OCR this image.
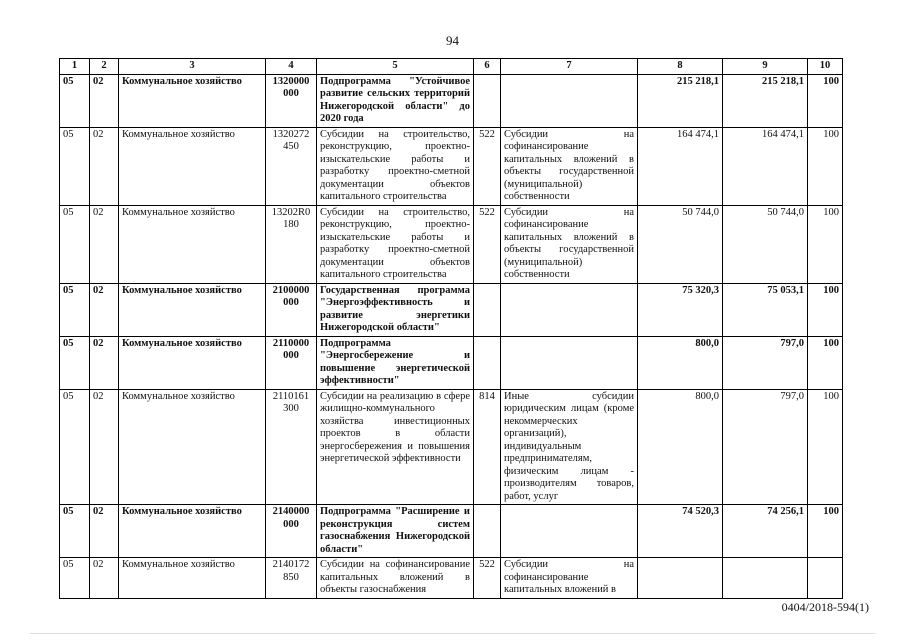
94
1	2	3	4	5	6	7	8	9	10
05	02	Коммунальное хозяйство	1320000 000	Подпрограмма "Устойчивое развитие сельских территорий Нижегородской области" до 2020 года			215 218,1	215 218,1	100
05	02	Коммунальное хозяйство	1320272 450	Субсидии на строительство, реконструкцию, проектно-изыскательские работы и разработку проектно-сметной документации объектов капитального строительства	522	Субсидии на софинансирование капитальных вложений в объекты государственной (муниципальной) собственности	164 474,1	164 474,1	100
05	02	Коммунальное хозяйство	13202R0 180	Субсидии на строительство, реконструкцию, проектно-изыскательские работы и разработку проектно-сметной документации объектов капитального строительства	522	Субсидии на софинансирование капитальных вложений в объекты государственной (муниципальной) собственности	50 744,0	50 744,0	100
05	02	Коммунальное хозяйство	2100000 000	Государственная программа "Энергоэффективность и развитие энергетики Нижегородской области"			75 320,3	75 053,1	100
05	02	Коммунальное хозяйство	2110000 000	Подпрограмма "Энергосбережение и повышение энергетической эффективности"			800,0	797,0	100
05	02	Коммунальное хозяйство	2110161 300	Субсидии на реализацию в сфере жилищно-коммунального хозяйства инвестиционных проектов в области энергосбережения и повышения энергетической эффективности	814	Иные субсидии юридическим лицам (кроме некоммерческих организаций), индивидуальным предпринимателям, физическим лицам - производителям товаров, работ, услуг	800,0	797,0	100
05	02	Коммунальное хозяйство	2140000 000	Подпрограмма "Расширение и реконструкция систем газоснабжения Нижегородской области"			74 520,3	74 256,1	100
05	02	Коммунальное хозяйство	2140172 850	Субсидии на софинансирование капитальных вложений в объекты газоснабжения	522	Субсидии на софинансирование капитальных вложений в			
0404/2018-594(1)
